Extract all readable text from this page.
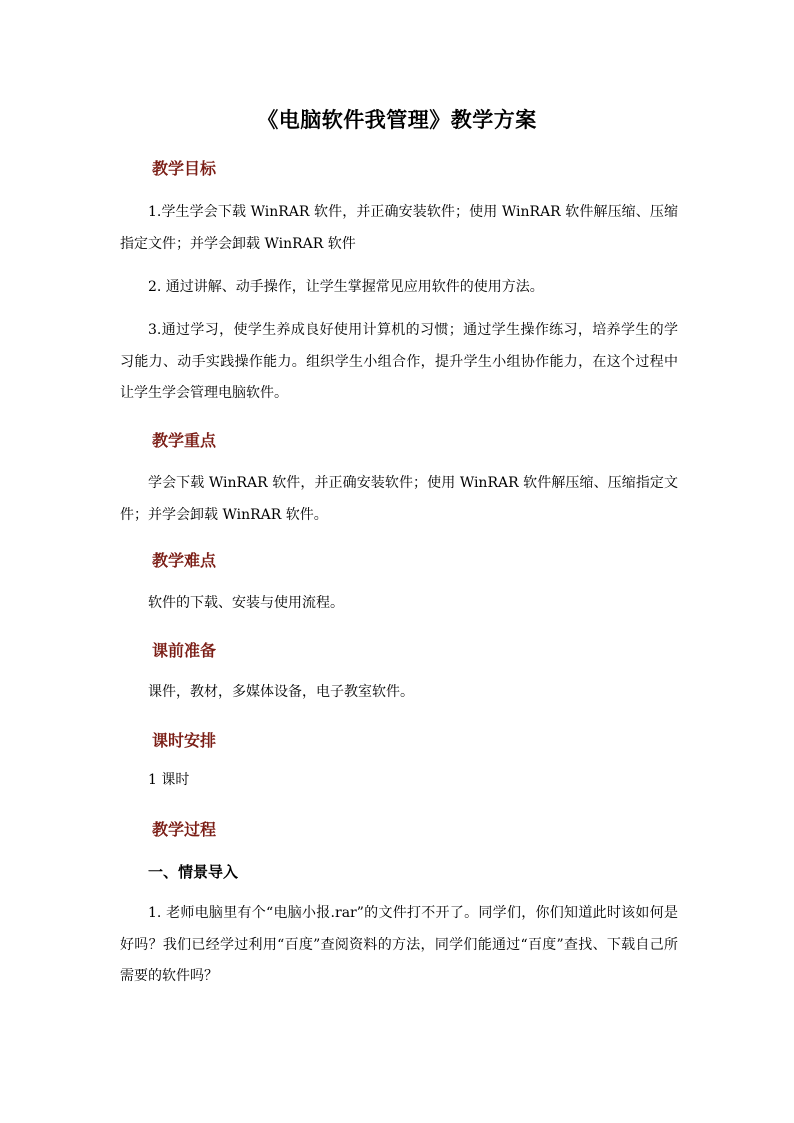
《电脑软件我管理》教学方案
教学目标

1.学生学会下载 WinRAR 软件，并正确安装软件；使用 WinRAR 软件解压缩、压缩指定文件；并学会卸载 WinRAR 软件

2. 通过讲解、动手操作，让学生掌握常见应用软件的使用方法。

3.通过学习，使学生养成良好使用计算机的习惯；通过学生操作练习，培养学生的学习能力、动手实践操作能力。组织学生小组合作，提升学生小组协作能力，在这个过程中让学生学会管理电脑软件。

教学重点

学会下载 WinRAR 软件，并正确安装软件；使用 WinRAR 软件解压缩、压缩指定文件；并学会卸载 WinRAR 软件。

教学难点

软件的下载、安装与使用流程。

课前准备

课件，教材，多媒体设备，电子教室软件。

课时安排

1 课时

教学过程
一、情景导入

1. 老师电脑里有个“电脑小报.rar”的文件打不开了。同学们，你们知道此时该如何是好吗？我们已经学过利用“百度”查阅资料的方法，同学们能通过“百度”查找、下载自己所需要的软件吗？
